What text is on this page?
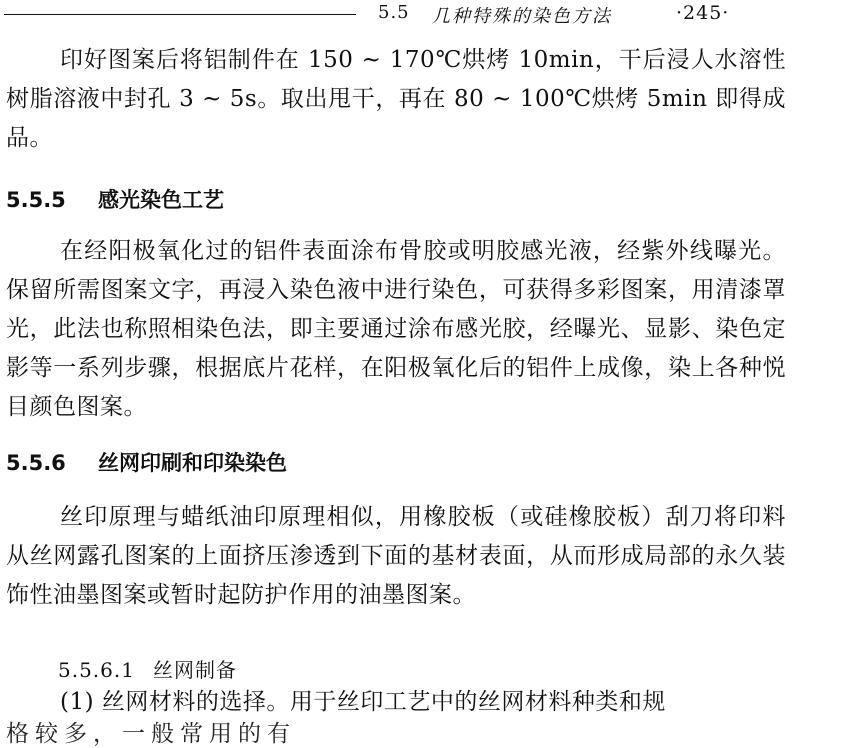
5.5 几种特殊的染色方法	·245·

印好图案后将铝制件在 150 ~ 170℃烘烤 10min，干后浸人水溶性树脂溶液中封孔 3 ~ 5s。取出甩干，再在 80 ~ 100℃烘烤 5min 即得成品。

5.5.5 感光染色工艺

在经阳极氧化过的铝件表面涂布骨胶或明胶感光液，经紫外线曝光。保留所需图案文字，再浸入染色液中进行染色，可获得多彩图案，用清漆罩光，此法也称照相染色法，即主要通过涂布感光胶，经曝光、显影、染色定影等一系列步骤，根据底片花样，在阳极氧化后的铝件上成像，染上各种悦目颜色图案。

5.5.6 丝网印刷和印染染色

丝印原理与蜡纸油印原理相似，用橡胶板（或硅橡胶板）刮刀将印料从丝网露孔图案的上面挤压渗透到下面的基材表面，从而形成局部的永久装饰性油墨图案或暂时起防护作用的油墨图案。

5.5.6.1 丝网制备

(1) 丝网材料的选择。用于丝印工艺中的丝网材料种类和规

格较多，一般常用的有
